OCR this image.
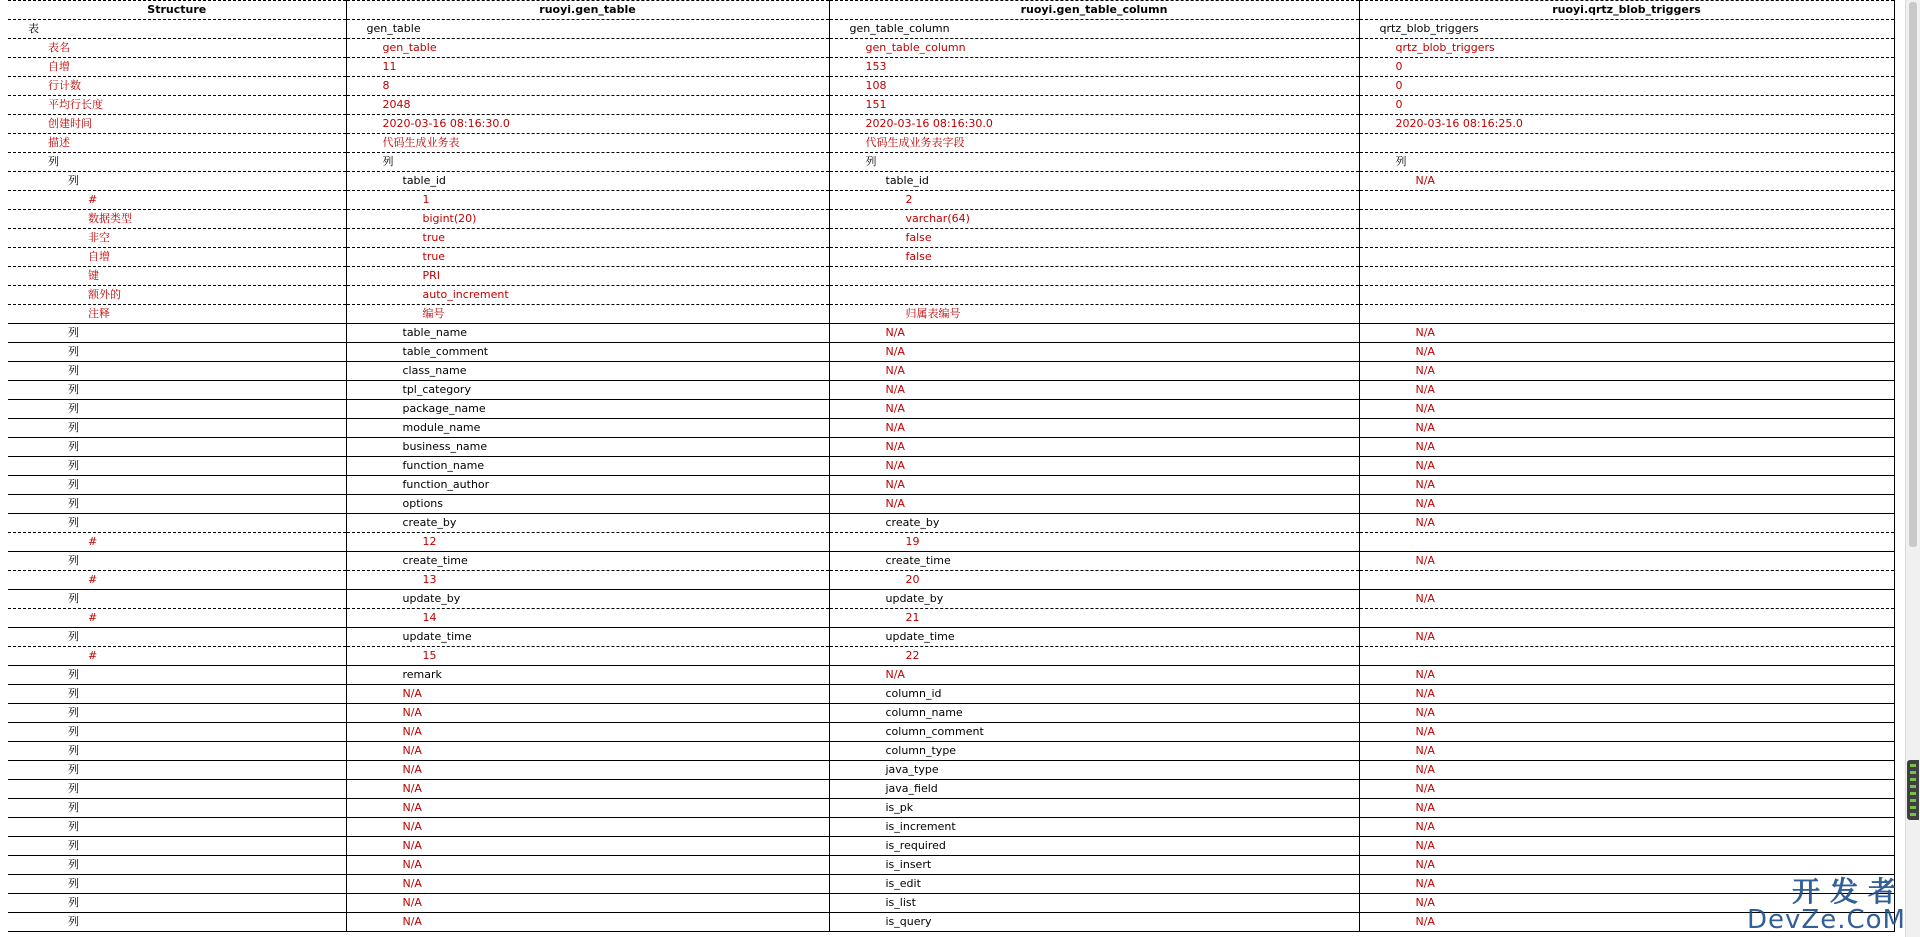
Structure	ruoyi.gen_table	ruoyi.gen_table_column	ruoyi.qrtz_blob_triggers
表	gen_table	gen_table_column	qrtz_blob_triggers
表名	gen_table	gen_table_column	qrtz_blob_triggers
自增	11	153	0
行计数	8	108	0
平均行长度	2048	151	0
创建时间	2020-03-16 08:16:30.0	2020-03-16 08:16:30.0	2020-03-16 08:16:25.0
描述	代码生成业务表	代码生成业务表字段	
列	列	列	列
列	table_id	table_id	N/A
#	1	2	
数据类型	bigint(20)	varchar(64)	
非空	true	false	
自增	true	false	
键	PRI		
额外的	auto_increment		
注释	编号	归属表编号	
列	table_name	N/A	N/A
列	table_comment	N/A	N/A
列	class_name	N/A	N/A
列	tpl_category	N/A	N/A
列	package_name	N/A	N/A
列	module_name	N/A	N/A
列	business_name	N/A	N/A
列	function_name	N/A	N/A
列	function_author	N/A	N/A
列	options	N/A	N/A
列	create_by	create_by	N/A
#	12	19	
列	create_time	create_time	N/A
#	13	20	
列	update_by	update_by	N/A
#	14	21	
列	update_time	update_time	N/A
#	15	22	
列	remark	N/A	N/A
列	N/A	column_id	N/A
列	N/A	column_name	N/A
列	N/A	column_comment	N/A
列	N/A	column_type	N/A
列	N/A	java_type	N/A
列	N/A	java_field	N/A
列	N/A	is_pk	N/A
列	N/A	is_increment	N/A
列	N/A	is_required	N/A
列	N/A	is_insert	N/A
列	N/A	is_edit	N/A
列	N/A	is_list	N/A
列	N/A	is_query	N/A
开发者
DevZe.CoM
